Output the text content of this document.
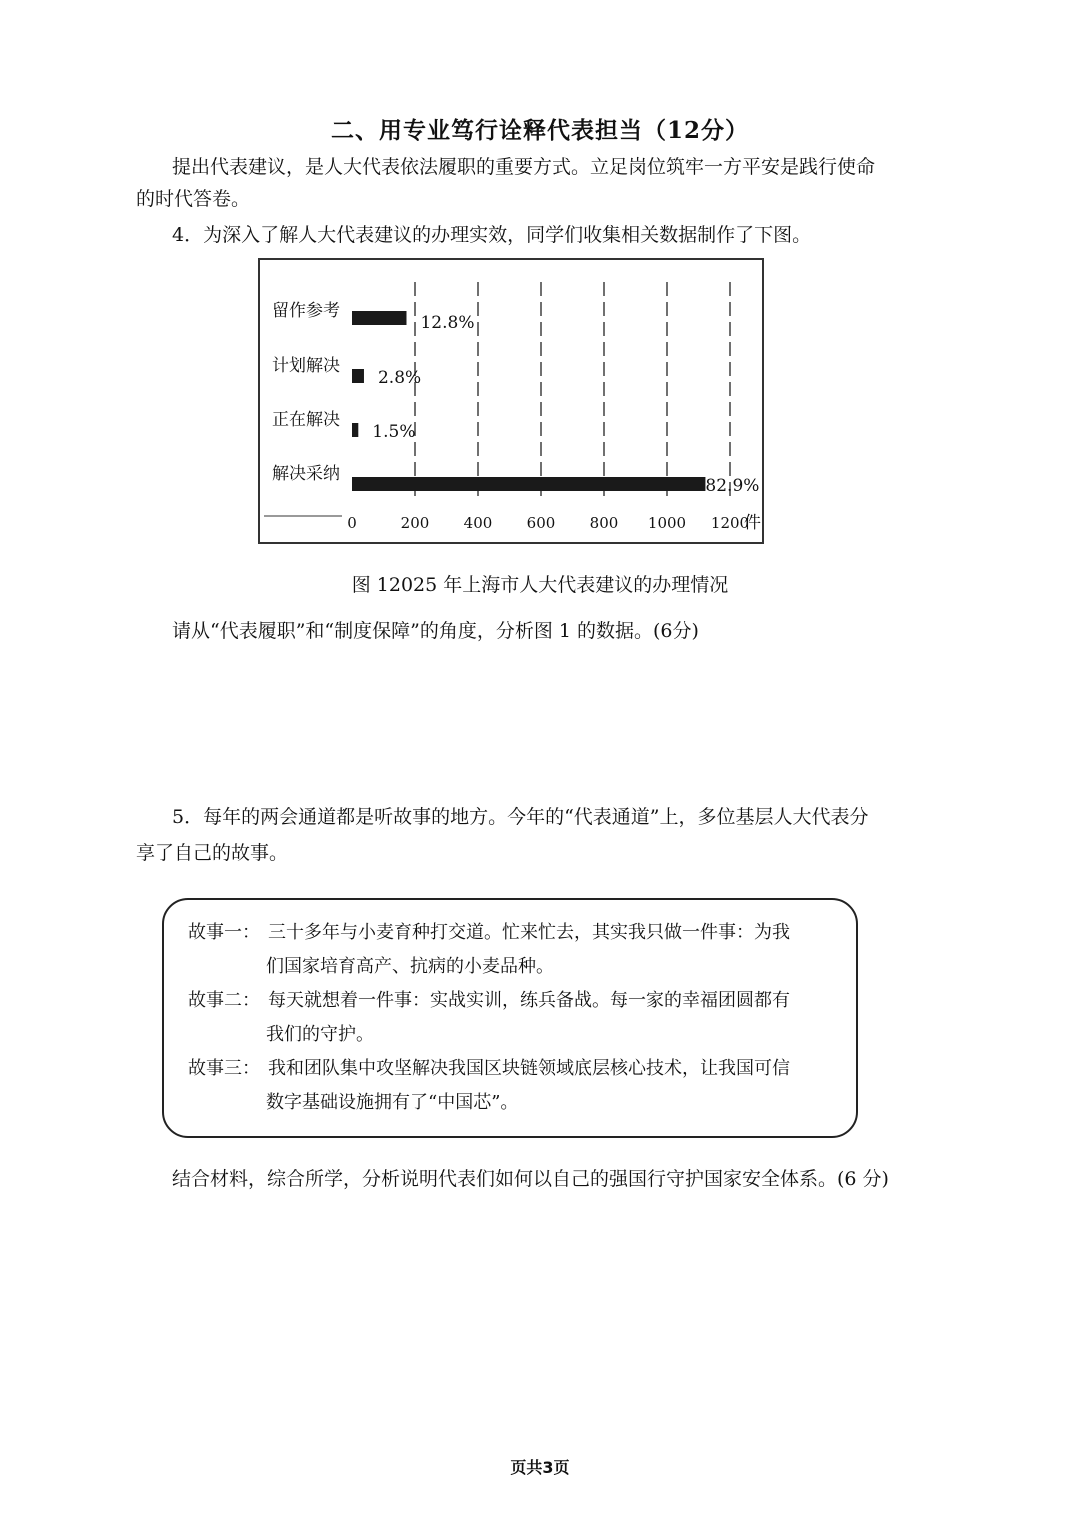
二、用专业笃行诠释代表担当（12分）
提出代表建议，是人大代表依法履职的重要方式。立足岗位筑牢一方平安是践行使命
的时代答卷。
4．为深入了解人大代表建议的办理实效，同学们收集相关数据制作了下图。
留作参考
12.8%
计划解决
2.8%
正在解决
1.5%
解决采纳
82.9%
0	200 400 600 800 1000 1200
件
图 12025 年上海市人大代表建议的办理情况
请从“代表履职”和“制度保障”的角度，分析图 1 的数据。(6分)
5．每年的两会通道都是听故事的地方。今年的“代表通道”上，多位基层人大代表分
享了自己的故事。
故事一： 三十多年与小麦育种打交道。忙来忙去，其实我只做一件事：为我
们国家培育高产、抗病的小麦品种。
故事二： 每天就想着一件事：实战实训，练兵备战。每一家的幸福团圆都有
我们的守护。
故事三： 我和团队集中攻坚解决我国区块链领域底层核心技术，让我国可信
数字基础设施拥有了“中国芯”。
结合材料，综合所学，分析说明代表们如何以自己的强国行守护国家安全体系。(6 分)
页共3页
